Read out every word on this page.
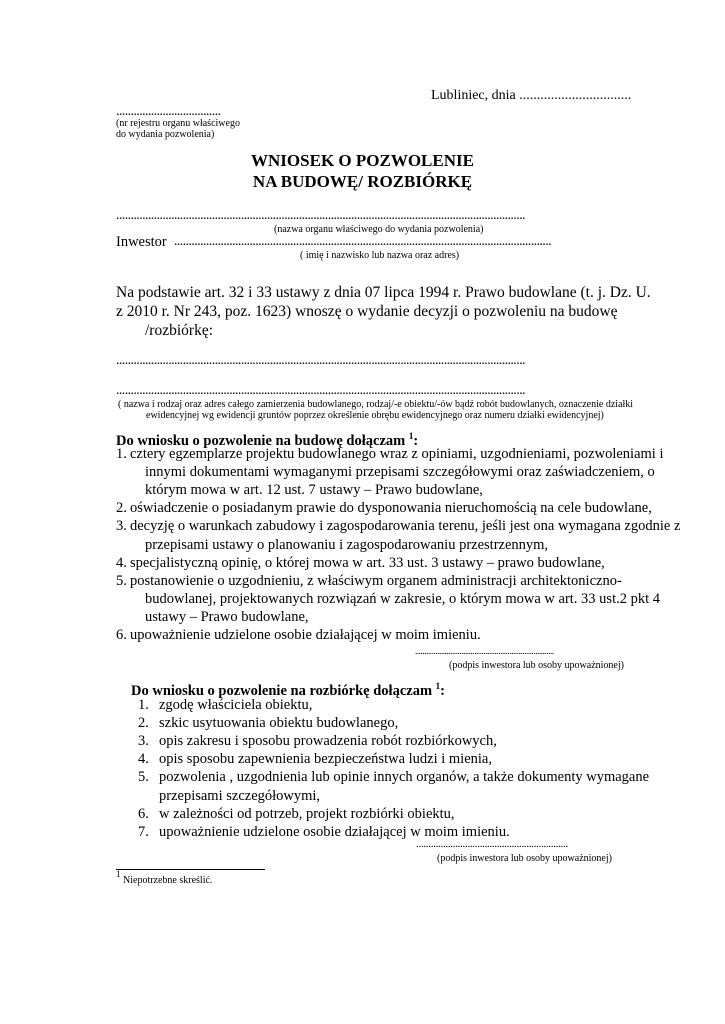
Lubliniec, dnia ................................
....................................
(nr rejestru organu właściwego
do wydania pozwolenia)
WNIOSEK O POZWOLENIE
NA BUDOWĘ/ ROZBIÓRKĘ
.............................................................................................................................................
(nazwa organu właściwego do wydania pozwolenia)
Inwestor ..................................................................................................................................
( imię i nazwisko lub nazwa oraz adres)
Na podstawie art. 32 i 33 ustawy z dnia 07 lipca 1994 r. Prawo budowlane (t. j. Dz. U.
z 2010 r. Nr 243, poz. 1623) wnoszę o wydanie decyzji o pozwoleniu na budowę
/rozbiórkę:
.............................................................................................................................................
.............................................................................................................................................
( nazwa i rodzaj oraz adres całego zamierzenia budowlanego, rodzaj/-e obiektu/-ów bądź robót budowlanych, oznaczenie działki
ewidencyjnej wg ewidencji gruntów poprzez określenie obrębu ewidencyjnego oraz numeru działki ewidencyjnej)
Do wniosku o pozwolenie na budowę dołączam $^1$:
1. cztery egzemplarze projektu budowlanego wraz z opiniami, uzgodnieniami, pozwoleniami i
innymi dokumentami wymaganymi przepisami szczegółowymi oraz zaświadczeniem, o
którym mowa w art. 12 ust. 7 ustawy – Prawo budowlane,
2. oświadczenie o posiadanym prawie do dysponowania nieruchomością na cele budowlane,
3. decyzję o warunkach zabudowy i zagospodarowania terenu, jeśli jest ona wymagana zgodnie z
przepisami ustawy o planowaniu i zagospodarowaniu przestrzennym,
4. specjalistyczną opinię, o której mowa w art. 33 ust. 3 ustawy – prawo budowlane,
5. postanowienie o uzgodnieniu, z właściwym organem administracji architektoniczno-
budowlanej, projektowanych rozwiązań w zakresie, o którym mowa w art. 33 ust.2 pkt 4
ustawy – Prawo budowlane,
6. upoważnienie udzielone osobie działającej w moim imieniu.
...........................................................................
(podpis inwestora lub osoby upoważnionej)
Do wniosku o pozwolenie na rozbiórkę dołączam $^1$:
1. zgodę właściciela obiektu,
2. szkic usytuowania obiektu budowlanego,
3. opis zakresu i sposobu prowadzenia robót rozbiórkowych,
4. opis sposobu zapewnienia bezpieczeństwa ludzi i mienia,
5. pozwolenia , uzgodnienia lub opinie innych organów, a także dokumenty wymagane
przepisami szczegółowymi,
6. w zależności od potrzeb, projekt rozbiórki obiektu,
7. upoważnienie udzielone osobie działającej w moim imieniu.
..............................................................
(podpis inwestora lub osoby upoważnionej)
$^1$ Niepotrzebne skreślić.
